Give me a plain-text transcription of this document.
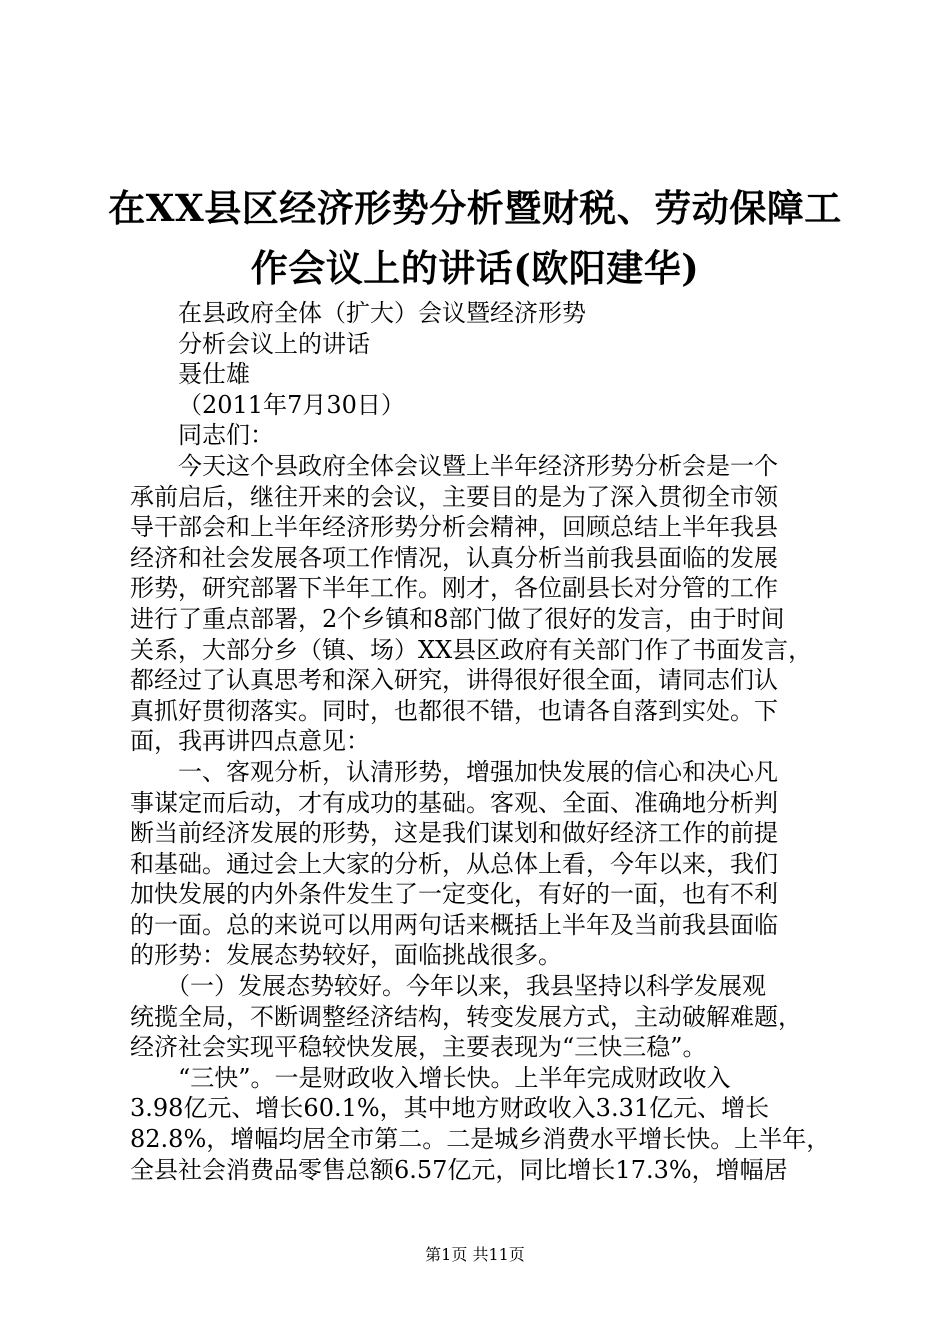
在XX县区经济形势分析暨财税、劳动保障工
作会议上的讲话(欧阳建华)
在县政府全体（扩大）会议暨经济形势
分析会议上的讲话
聂仕雄
（2011年7月30日）
同志们：
　　今天这个县政府全体会议暨上半年经济形势分析会是一个
承前启后，继往开来的会议，主要目的是为了深入贯彻全市领
导干部会和上半年经济形势分析会精神，回顾总结上半年我县
经济和社会发展各项工作情况，认真分析当前我县面临的发展
形势，研究部署下半年工作。刚才，各位副县长对分管的工作
进行了重点部署，2个乡镇和8部门做了很好的发言，由于时间
关系，大部分乡（镇、场）XX县区政府有关部门作了书面发言，
都经过了认真思考和深入研究，讲得很好很全面，请同志们认
真抓好贯彻落实。同时，也都很不错，也请各自落到实处。下
面，我再讲四点意见：
　　一、客观分析，认清形势，增强加快发展的信心和决心凡
事谋定而后动，才有成功的基础。客观、全面、准确地分析判
断当前经济发展的形势，这是我们谋划和做好经济工作的前提
和基础。通过会上大家的分析，从总体上看，今年以来，我们
加快发展的内外条件发生了一定变化，有好的一面，也有不利
的一面。总的来说可以用两句话来概括上半年及当前我县面临
的形势：发展态势较好，面临挑战很多。
　　（一）发展态势较好。今年以来，我县坚持以科学发展观
统揽全局，不断调整经济结构，转变发展方式，主动破解难题，
经济社会实现平稳较快发展，主要表现为“三快三稳”。
　　“三快”。一是财政收入增长快。上半年完成财政收入
3.98亿元、增长60.1%，其中地方财政收入3.31亿元、增长
82.8%，增幅均居全市第二。二是城乡消费水平增长快。上半年，
全县社会消费品零售总额6.57亿元，同比增长17.3%，增幅居
第1页 共11页
